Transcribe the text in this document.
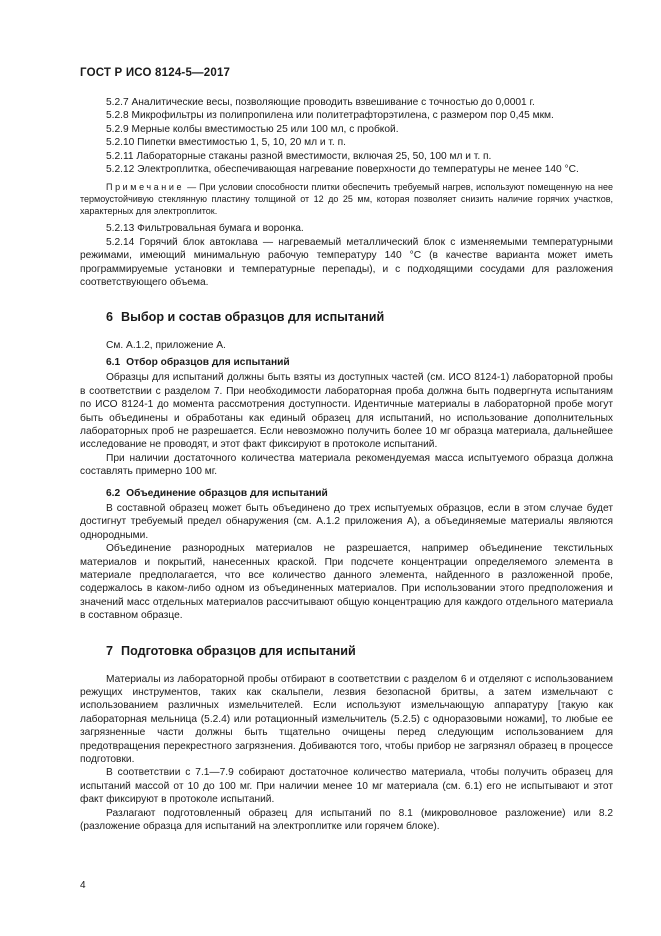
ГОСТ Р ИСО 8124-5—2017

5.2.7 Аналитические весы, позволяющие проводить взвешивание с точностью до 0,0001 г.

5.2.8 Микрофильтры из полипропилена или политетрафторэтилена, с размером пор 0,45 мкм.

5.2.9 Мерные колбы вместимостью 25 или 100 мл, с пробкой.

5.2.10 Пипетки вместимостью 1, 5, 10, 20 мл и т. п.

5.2.11 Лабораторные стаканы разной вместимости, включая 25, 50, 100 мл и т. п.

5.2.12 Электроплитка, обеспечивающая нагревание поверхности до температуры не менее 140 °С.

Примечание — При условии способности плитки обеспечить требуемый нагрев, используют помещенную на нее термоустойчивую стеклянную пластину толщиной от 12 до 25 мм, которая позволяет снизить наличие горячих участков, характерных для электроплиток.

5.2.13 Фильтровальная бумага и воронка.

5.2.14 Горячий блок автоклава — нагреваемый металлический блок с изменяемыми температурными режимами, имеющий минимальную рабочую температуру 140 °С (в качестве варианта может иметь программируемые установки и температурные перепады), и с подходящими сосудами для разложения соответствующего объема.

6 Выбор и состав образцов для испытаний

См. А.1.2, приложение А.

6.1 Отбор образцов для испытаний

Образцы для испытаний должны быть взяты из доступных частей (см. ИСО 8124-1) лабораторной пробы в соответствии с разделом 7. При необходимости лабораторная проба должна быть подвергнута испытаниям по ИСО 8124-1 до момента рассмотрения доступности. Идентичные материалы в лабораторной пробе могут быть объединены и обработаны как единый образец для испытаний, но использование дополнительных лабораторных проб не разрешается. Если невозможно получить более 10 мг образца материала, дальнейшее исследование не проводят, и этот факт фиксируют в протоколе испытаний.

При наличии достаточного количества материала рекомендуемая масса испытуемого образца должна составлять примерно 100 мг.

6.2 Объединение образцов для испытаний

В составной образец может быть объединено до трех испытуемых образцов, если в этом случае будет достигнут требуемый предел обнаружения (см. А.1.2 приложения А), а объединяемые материалы являются однородными.

Объединение разнородных материалов не разрешается, например объединение текстильных материалов и покрытий, нанесенных краской. При подсчете концентрации определяемого элемента в материале предполагается, что все количество данного элемента, найденного в разложенной пробе, содержалось в каком-либо одном из объединенных материалов. При использовании этого предположения и значений масс отдельных материалов рассчитывают общую концентрацию для каждого отдельного материала в составном образце.

7 Подготовка образцов для испытаний

Материалы из лабораторной пробы отбирают в соответствии с разделом 6 и отделяют с использованием режущих инструментов, таких как скальпели, лезвия безопасной бритвы, а затем измельчают с использованием различных измельчителей. Если используют измельчающую аппаратуру [такую как лабораторная мельница (5.2.4) или ротационный измельчитель (5.2.5) с одноразовыми ножами], то любые ее загрязненные части должны быть тщательно очищены перед следующим использованием для предотвращения перекрестного загрязнения. Добиваются того, чтобы прибор не загрязнял образец в процессе подготовки.

В соответствии с 7.1—7.9 собирают достаточное количество материала, чтобы получить образец для испытаний массой от 10 до 100 мг. При наличии менее 10 мг материала (см. 6.1) его не испытывают и этот факт фиксируют в протоколе испытаний.

Разлагают подготовленный образец для испытаний по 8.1 (микроволновое разложение) или 8.2 (разложение образца для испытаний на электроплитке или горячем блоке).

4
